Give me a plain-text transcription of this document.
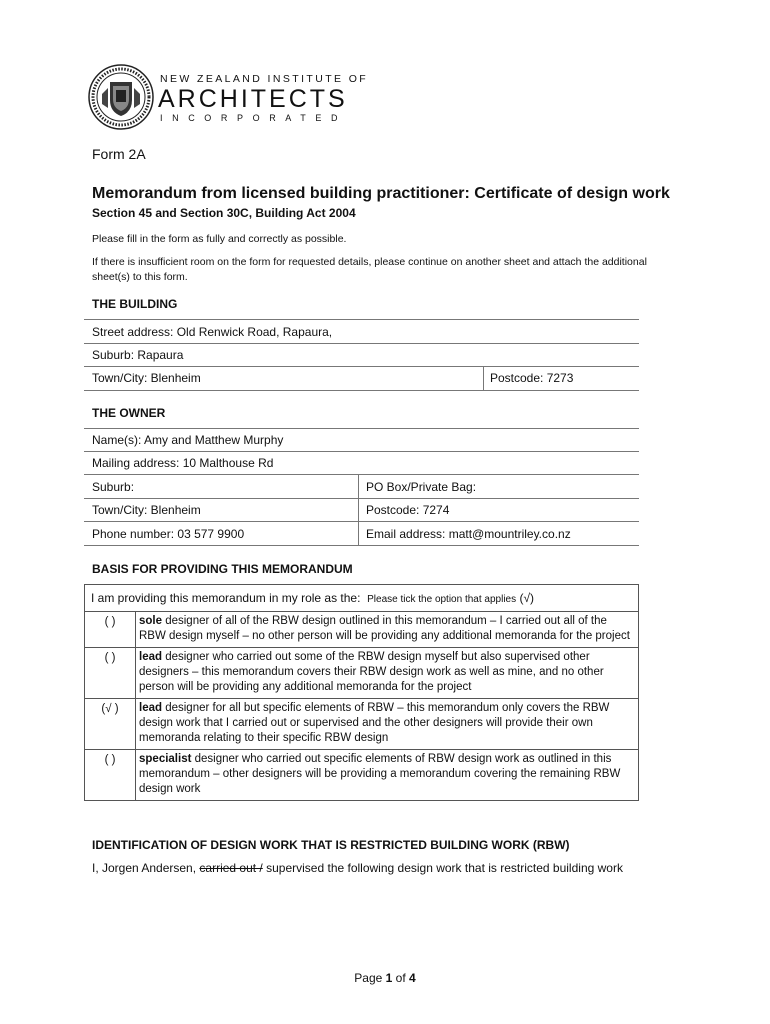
NEW ZEALAND INSTITUTE OF
ARCHITECTS
INCORPORATED
Form 2A
Memorandum from licensed building practitioner: Certificate of design work
Section 45 and Section 30C, Building Act 2004
Please fill in the form as fully and correctly as possible.
If there is insufficient room on the form for requested details, please continue on another sheet and attach the additional sheet(s) to this form.
THE BUILDING
Street address: Old Renwick Road, Rapaura,
Suburb: Rapaura
Town/City: Blenheim	Postcode: 7273
THE OWNER
Name(s): Amy and Matthew Murphy
Mailing address: 10 Malthouse Rd
Suburb:	PO Box/Private Bag:
Town/City: Blenheim	Postcode: 7274
Phone number: 03 577 9900	Email address: matt@mountriley.co.nz
BASIS FOR PROVIDING THIS MEMORANDUM
I am providing this memorandum in my role as the: Please tick the option that applies (√)	
( )	sole designer of all of the RBW design outlined in this memorandum – I carried out all of the RBW design myself – no other person will be providing any additional memoranda for the project
( )	lead designer who carried out some of the RBW design myself but also supervised other designers – this memorandum covers their RBW design work as well as mine, and no other person will be providing any additional memoranda for the project
(√ )	lead designer for all but specific elements of RBW – this memorandum only covers the RBW design work that I carried out or supervised and the other designers will provide their own memoranda relating to their specific RBW design
( )	specialist designer who carried out specific elements of RBW design work as outlined in this memorandum – other designers will be providing a memorandum covering the remaining RBW design work
IDENTIFICATION OF DESIGN WORK THAT IS RESTRICTED BUILDING WORK (RBW)
I, Jorgen Andersen, carried out / supervised the following design work that is restricted building work
Page 1 of 4
